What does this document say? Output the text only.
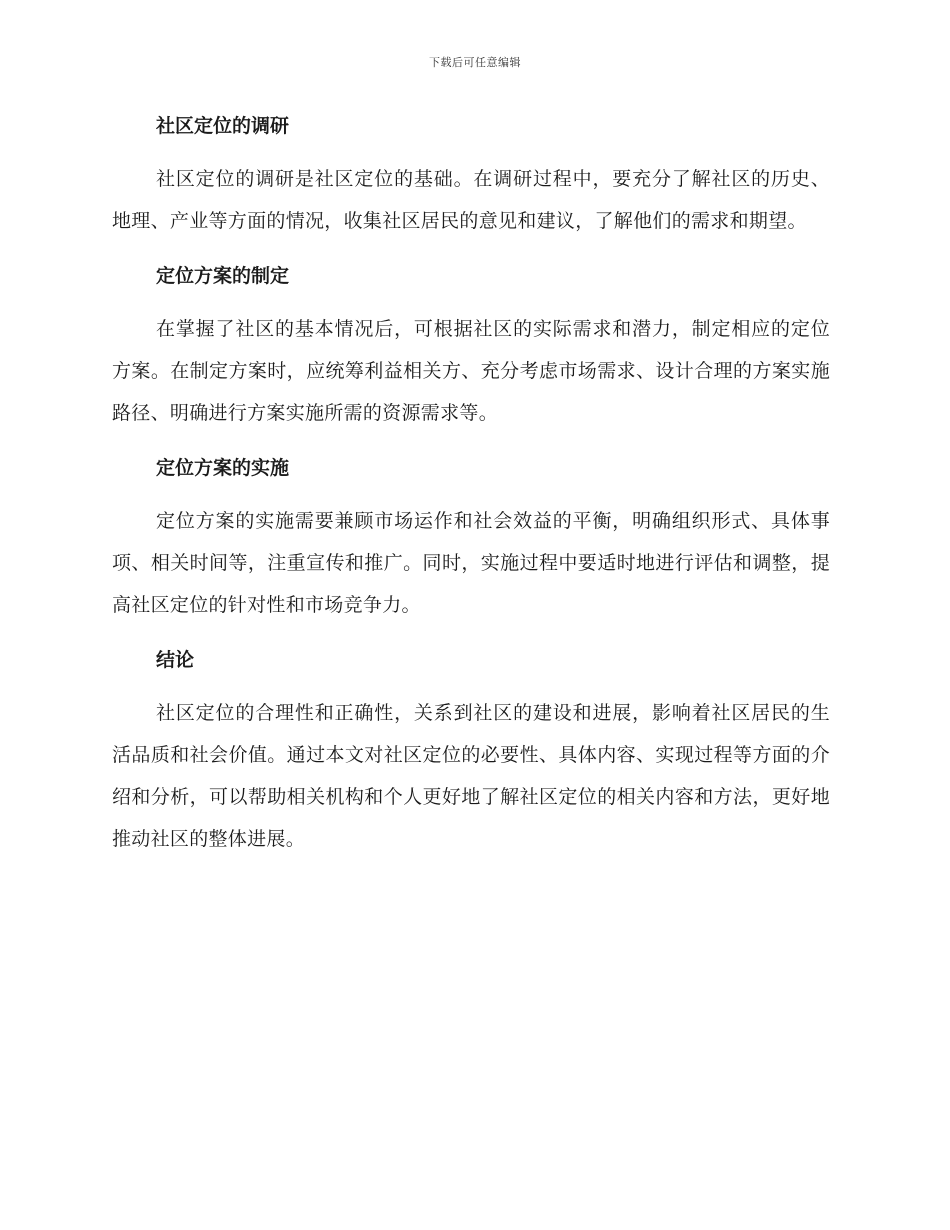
下载后可任意编辑
社区定位的调研

社区定位的调研是社区定位的基础。在调研过程中，要充分了解社区的历史、地理、产业等方面的情况，收集社区居民的意见和建议，了解他们的需求和期望。

定位方案的制定

在掌握了社区的基本情况后，可根据社区的实际需求和潜力，制定相应的定位方案。在制定方案时，应统筹利益相关方、充分考虑市场需求、设计合理的方案实施路径、明确进行方案实施所需的资源需求等。

定位方案的实施

定位方案的实施需要兼顾市场运作和社会效益的平衡，明确组织形式、具体事项、相关时间等，注重宣传和推广。同时，实施过程中要适时地进行评估和调整，提高社区定位的针对性和市场竞争力。

结论

社区定位的合理性和正确性，关系到社区的建设和进展，影响着社区居民的生活品质和社会价值。通过本文对社区定位的必要性、具体内容、实现过程等方面的介绍和分析，可以帮助相关机构和个人更好地了解社区定位的相关内容和方法，更好地推动社区的整体进展。
